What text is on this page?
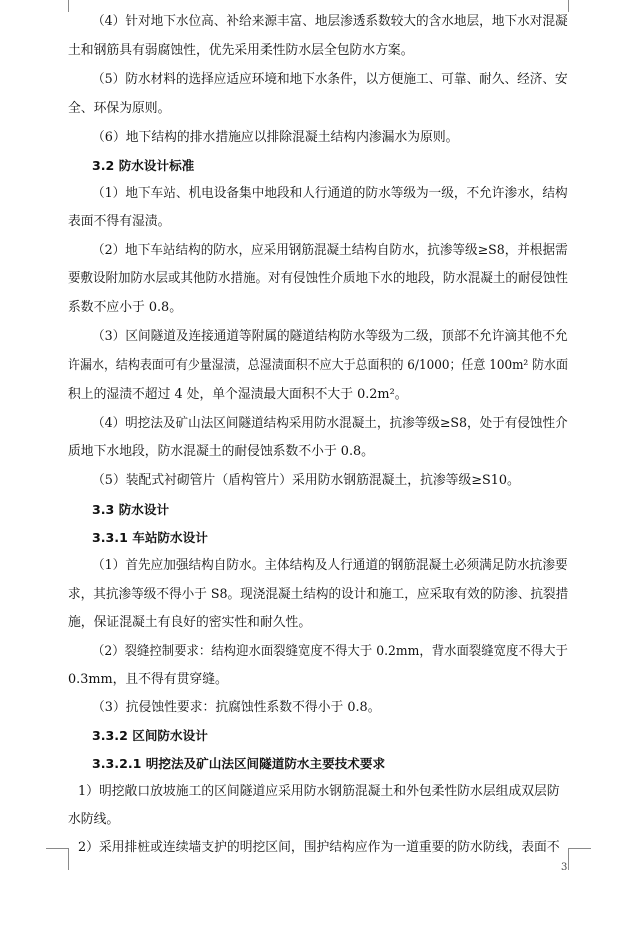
（4）针对地下水位高、补给来源丰富、地层渗透系数较大的含水地层，地下水对混凝
土和钢筋具有弱腐蚀性，优先采用柔性防水层全包防水方案。
（5）防水材料的选择应适应环境和地下水条件，以方便施工、可靠、耐久、经济、安
全、环保为原则。
（6）地下结构的排水措施应以排除混凝土结构内渗漏水为原则。
3.2 防水设计标准
（1）地下车站、机电设备集中地段和人行通道的防水等级为一级，不允许渗水，结构
表面不得有湿渍。
（2）地下车站结构的防水，应采用钢筋混凝土结构自防水，抗渗等级≥S8，并根据需
要敷设附加防水层或其他防水措施。对有侵蚀性介质地下水的地段，防水混凝土的耐侵蚀性
系数不应小于 0.8。
（3）区间隧道及连接通道等附属的隧道结构防水等级为二级，顶部不允许滴其他不允
许漏水，结构表面可有少量湿渍，总湿渍面积不应大于总面积的 6/1000；任意 100m² 防水面
积上的湿渍不超过 4 处，单个湿渍最大面积不大于 0.2m²。
（4）明挖法及矿山法区间隧道结构采用防水混凝土，抗渗等级≥S8，处于有侵蚀性介
质地下水地段，防水混凝土的耐侵蚀系数不小于 0.8。
（5）装配式衬砌管片（盾构管片）采用防水钢筋混凝土，抗渗等级≥S10。
3.3 防水设计
3.3.1 车站防水设计
（1）首先应加强结构自防水。主体结构及人行通道的钢筋混凝土必须满足防水抗渗要
求，其抗渗等级不得小于 S8。现浇混凝土结构的设计和施工，应采取有效的防渗、抗裂措
施，保证混凝土有良好的密实性和耐久性。
（2）裂缝控制要求：结构迎水面裂缝宽度不得大于 0.2mm，背水面裂缝宽度不得大于
0.3mm，且不得有贯穿缝。
（3）抗侵蚀性要求：抗腐蚀性系数不得小于 0.8。
3.3.2 区间防水设计
3.3.2.1 明挖法及矿山法区间隧道防水主要技术要求
1）明挖敞口放坡施工的区间隧道应采用防水钢筋混凝土和外包柔性防水层组成双层防
水防线。
2）采用排桩或连续墙支护的明挖区间，围护结构应作为一道重要的防水防线，表面不
3
